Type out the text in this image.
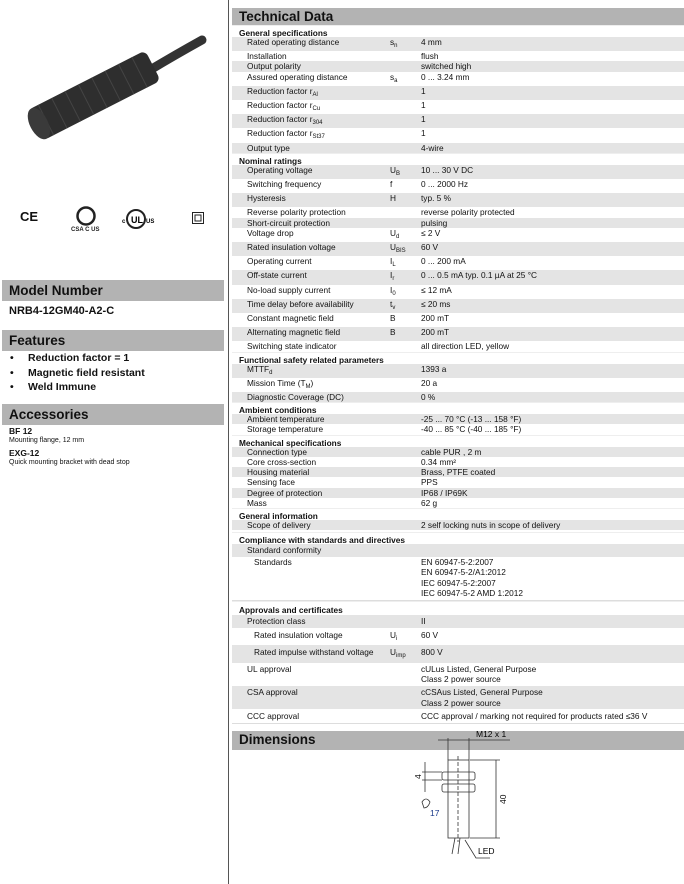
CE
CSA C US
c UL US
Model Number
NRB4-12GM40-A2-C
Features
• Reduction factor = 1
• Magnetic field resistant
• Weld Immune
Accessories
BF 12
Mounting flange, 12 mm
EXG-12
Quick mounting bracket with dead stop
Technical Data
General specifications
Rated operating distance	$s_n$	4 mm
Installation	flush
Output polarity	switched high
Assured operating distance	$s_a$	0 ... 3.24 mm
Reduction factor $r_{Al}$	1
Reduction factor $r_{Cu}$	1
Reduction factor $r_{304}$	1
Reduction factor $r_{St37}$	1
Output type	4-wire
Nominal ratings
Operating voltage	$U_B$	10 ... 30 V DC
Switching frequency	f	0 ... 2000 Hz
Hysteresis	H	typ. 5 %
Reverse polarity protection	reverse polarity protected
Short-circuit protection	pulsing
Voltage drop	$U_d$	≤ 2 V
Rated insulation voltage	$U_{BIS}$	60 V
Operating current	$I_L$	0 ... 200 mA
Off-state current	$I_r$	0 ... 0.5 mA typ. 0.1 µA at 25 °C
No-load supply current	$I_0$	≤ 12 mA
Time delay before availability	$t_v$	≤ 20 ms
Constant magnetic field	B	200 mT
Alternating magnetic field	B	200 mT
Switching state indicator	all direction LED, yellow
Functional safety related parameters
$MTTF_d$	1393 a
Mission Time $(T_M)$	20 a
Diagnostic Coverage (DC)	0 %
Ambient conditions
Ambient temperature	-25 ... 70 °C (-13 ... 158 °F)
Storage temperature	-40 ... 85 °C (-40 ... 185 °F)
Mechanical specifications
Connection type	cable PUR , 2 m
Core cross-section	0.34 mm²
Housing material	Brass, PTFE coated
Sensing face	PPS
Degree of protection	IP68 / IP69K
Mass	62 g
General information
Scope of delivery	2 self locking nuts in scope of delivery
Compliance with standards and directives
Standard conformity
Standards	EN 60947-5-2:2007
EN 60947-5-2/A1:2012
IEC 60947-5-2:2007
IEC 60947-5-2 AMD 1:2012
Approvals and certificates
Protection class	II
Rated insulation voltage	$U_i$	60 V
Rated impulse withstand voltage	$U_{imp}$	800 V
UL approval	cULus Listed, General Purpose
Class 2 power source
CSA approval	cCSAus Listed, General Purpose
Class 2 power source
CCC approval	CCC approval / marking not required for products rated ≤36 V
Dimensions	M12 x 1
40
4
17
LED
